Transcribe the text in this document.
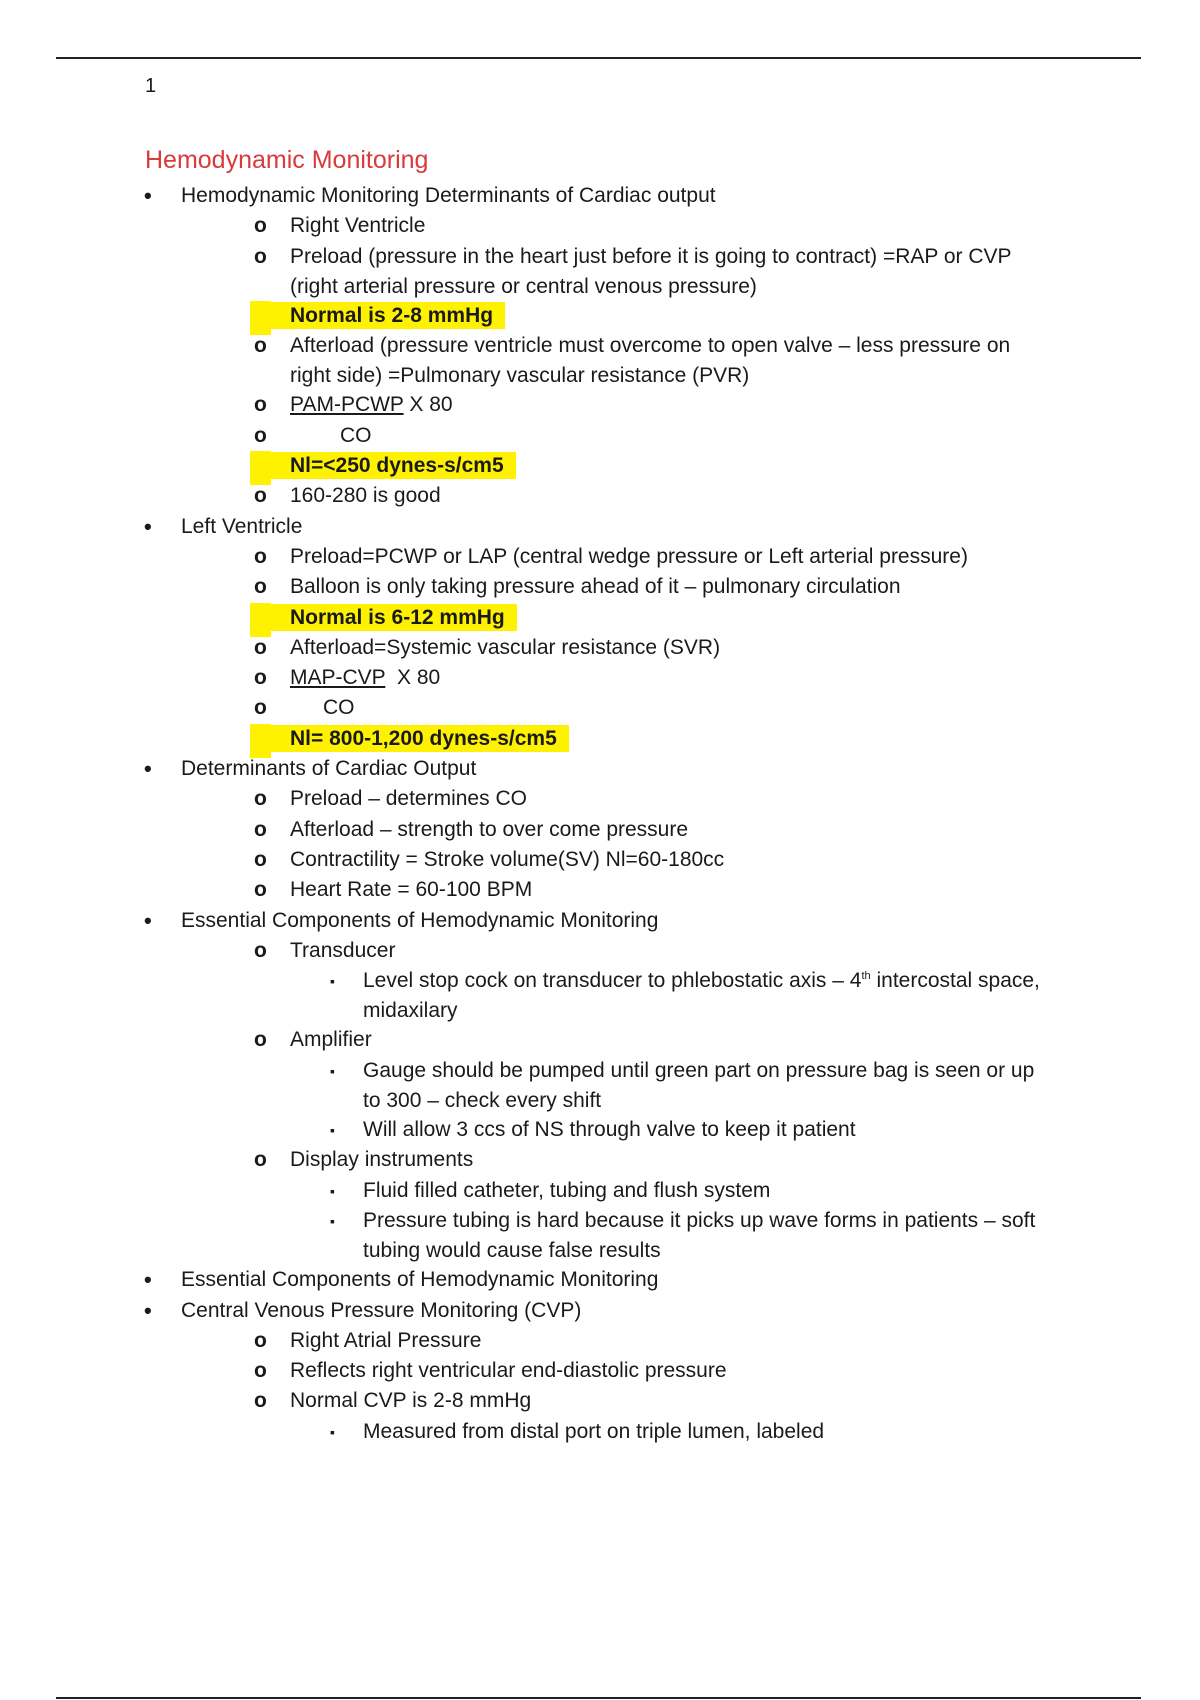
1
Hemodynamic Monitoring
• Hemodynamic Monitoring Determinants of Cardiac output
o Right Ventricle
o Preload (pressure in the heart just before it is going to contract) =RAP or CVP
(right arterial pressure or central venous pressure)
Normal is 2-8 mmHg
o Afterload (pressure ventricle must overcome to open valve – less pressure on
right side) =Pulmonary vascular resistance (PVR)
o PAM-PCWP X 80
o	CO
Nl=<250 dynes-s/cm5
o 160-280 is good
• Left Ventricle
o Preload=PCWP or LAP (central wedge pressure or Left arterial pressure)
o Balloon is only taking pressure ahead of it – pulmonary circulation
Normal is 6-12 mmHg
o Afterload=Systemic vascular resistance (SVR)
o MAP-CVP  X 80
o	CO
Nl= 800-1,200 dynes-s/cm5
• Determinants of Cardiac Output
o Preload – determines CO
o Afterload – strength to over come pressure
o Contractility = Stroke volume(SV) Nl=60-180cc
o Heart Rate = 60-100 BPM
• Essential Components of Hemodynamic Monitoring
o Transducer
▪ Level stop cock on transducer to phlebostatic axis – 4th intercostal space,
midaxilary
o Amplifier
▪ Gauge should be pumped until green part on pressure bag is seen or up
to 300 – check every shift
▪ Will allow 3 ccs of NS through valve to keep it patient
o Display instruments
▪ Fluid filled catheter, tubing and flush system
▪ Pressure tubing is hard because it picks up wave forms in patients – soft
tubing would cause false results
• Essential Components of Hemodynamic Monitoring
• Central Venous Pressure Monitoring (CVP)
o Right Atrial Pressure
o Reflects right ventricular end-diastolic pressure
o Normal CVP is 2-8 mmHg
▪ Measured from distal port on triple lumen, labeled
